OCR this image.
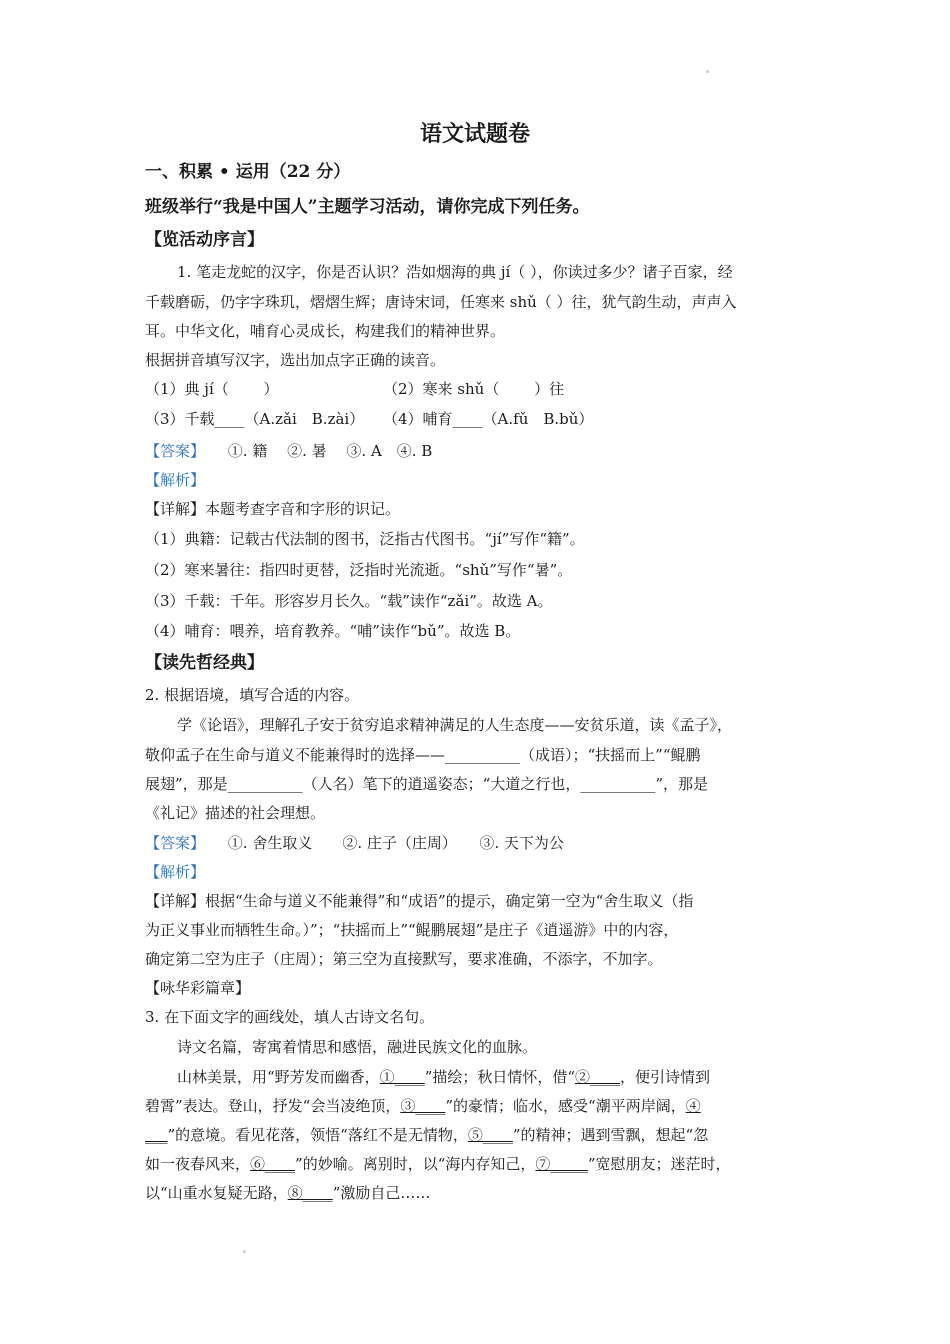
语文试题卷
一、积累 • 运用（22 分）
班级举行“我是中国人”主题学习活动，请你完成下列任务。
【览活动序言】
1. 笔走龙蛇的汉字，你是否认识？浩如烟海的典 jí（ ），你读过多少？诸子百家，经
千载磨砺，仍字字珠玑，熠熠生辉；唐诗宋词，任寒来 shǔ（ ）往，犹气韵生动，声声入
耳。中华文化，哺育心灵成长，构建我们的精神世界。
根据拼音填写汉字，选出加点字正确的读音。
（1）典 jí（　　 ）	（2）寒来 shǔ（　　 ）往
（3）千载____（A.zǎi　B.zài） （4）哺育____（A.fǔ　B.bǔ）
【答案】 ①. 籍　 ②. 暑　 ③. A　④. B
【解析】
【详解】本题考查字音和字形的识记。
（1）典籍：记载古代法制的图书，泛指古代图书。“jí”写作“籍”。
（2）寒来暑往：指四时更替，泛指时光流逝。“shǔ”写作“暑”。
（3）千载：千年。形容岁月长久。“载”读作“zǎi”。故选 A。
（4）哺育：喂养，培育教养。“哺”读作“bǔ”。故选 B。
【读先哲经典】
2. 根据语境，填写合适的内容。
学《论语》，理解孔子安于贫穷追求精神满足的人生态度——安贫乐道，读《孟子》，
敬仰孟子在生命与道义不能兼得时的选择——__________（成语）；“扶摇而上”“鲲鹏
展翅”，那是__________（人名）笔下的逍遥姿态；“大道之行也，__________”，那是
《礼记》描述的社会理想。
【答案】 ①. 舍生取义　　②. 庄子（庄周）　　③. 天下为公
【解析】
【详解】根据“生命与道义不能兼得”和“成语”的提示，确定第一空为“舍生取义（指
为正义事业而牺牲生命。）”；“扶摇而上”“鲲鹏展翅”是庄子《逍遥游》中的内容，
确定第二空为庄子（庄周）；第三空为直接默写，要求准确，不添字，不加字。
【咏华彩篇章】
3. 在下面文字的画线处，填人古诗文名句。
诗文名篇，寄寓着情思和感悟，融进民族文化的血脉。
山林美景，用“野芳发而幽香，①____”描绘；秋日情怀，借“②____，便引诗情到
碧霄”表达。登山，抒发“会当凌绝顶，③____”的豪情；临水，感受“潮平两岸阔，④
___”的意境。看见花落，领悟“落红不是无情物，⑤____”的精神；遇到雪飘，想起“忽
如一夜春风来，⑥____”的妙喻。离别时，以“海内存知己，⑦_____”宽慰朋友；迷茫时，
以“山重水复疑无路，⑧____”激励自己……
